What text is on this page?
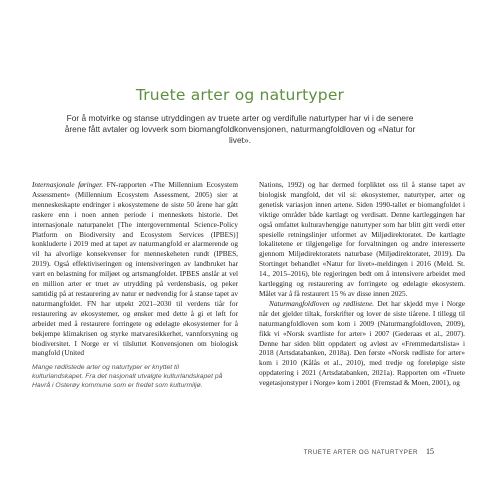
Truete arter og naturtyper

For å motvirke og stanse utryddingen av truete arter og verdifulle naturtyper har vi i de senere årene fått avtaler og lovverk som biomangfoldkonvensjonen, naturmangfoldloven og «Natur for livet».

Internasjonale føringer. FN-rapporten «The Millennium Ecosystem Assessment» (Millennium Ecosystem Assessment, 2005) sier at menneskeskapte endringer i økosystemene de siste 50 årene har gått raskere enn i noen annen periode i menneskets historie. Det internasjonale naturpanelet [The intergovernmental Science-Policy Platform on Biodiversity and Ecosystem Services (IPBES)] konkluderte i 2019 med at tapet av naturmangfold er alarmerende og vil ha alvorlige konsekvenser for menneskeheten rundt (IPBES, 2019). Også effektiviseringen og intensiveringen av landbruket har vært en belastning for miljøet og artsmangfoldet. IPBES anslår at vel en million arter er truet av utrydding på verdensbasis, og peker samtidig på at restaurering av natur er nødvendig for å stanse tapet av naturmangfoldet. FN har utpekt 2021–2030 til verdens tiår for restaurering av økosystemer, og ønsker med dette å gi et løft for arbeidet med å restaurere forringete og ødelagte økosystemer for å bekjempe klimakrisen og styrke matvaresikkerhet, vannforsyning og biodiversitet. I Norge er vi tilsluttet Konvensjonen om biologisk mangfold (United

Mange rødlistede arter og naturtyper er knyttet til kulturlandskapet. Fra det nasjonalt utvalgte kulturlandskapet på Havrå i Osterøy kommune som er fredet som kulturmiljø.

Nations, 1992) og har dermed forpliktet oss til å stanse tapet av biologisk mangfold, det vil si: økosystemer, naturtyper, arter og genetisk variasjon innen artene. Siden 1990-tallet er biomangfoldet i viktige områder både kartlagt og verdisatt. Denne kartleggingen har også omfattet kulturavhengige naturtyper som har blitt gitt verdi etter spesielle retningslinjer utformet av Miljødirektoratet. De kartlagte lokalitetene er tilgjengelige for forvaltningen og andre interesserte gjennom Miljødirektoratets naturbase (Miljødirektoratet, 2019). Da Stortinget behandlet «Natur for livet»-meldingen i 2016 (Meld. St. 14., 2015–2016), ble regjeringen bedt om å intensivere arbeidet med kartlegging og restaurering av forringete og ødelagte økosystem. Målet var å få restaurert 15 % av disse innen 2025.

Naturmangfoldloven og rødlistene. Det har skjedd mye i Norge når det gjelder tiltak, forskrifter og lover de siste tiårene. I tillegg til naturmangfoldloven som kom i 2009 (Naturmangfoldloven, 2009), fikk vi «Norsk svartliste for arter» i 2007 (Gederaas et al., 2007). Denne har siden blitt oppdatert og avløst av «Fremmedartslista» i 2018 (Artsdatabanken, 2018a). Den første «Norsk rødliste for arter» kom i 2010 (Kålås et al., 2010), med tredje og foreløpige siste oppdatering i 2021 (Artsdatabanken, 2021a). Rapporten om «Truete vegetasjonstyper i Norge» kom i 2001 (Fremstad & Moen, 2001), og

TRUETE ARTER OG NATURTYPER 15
